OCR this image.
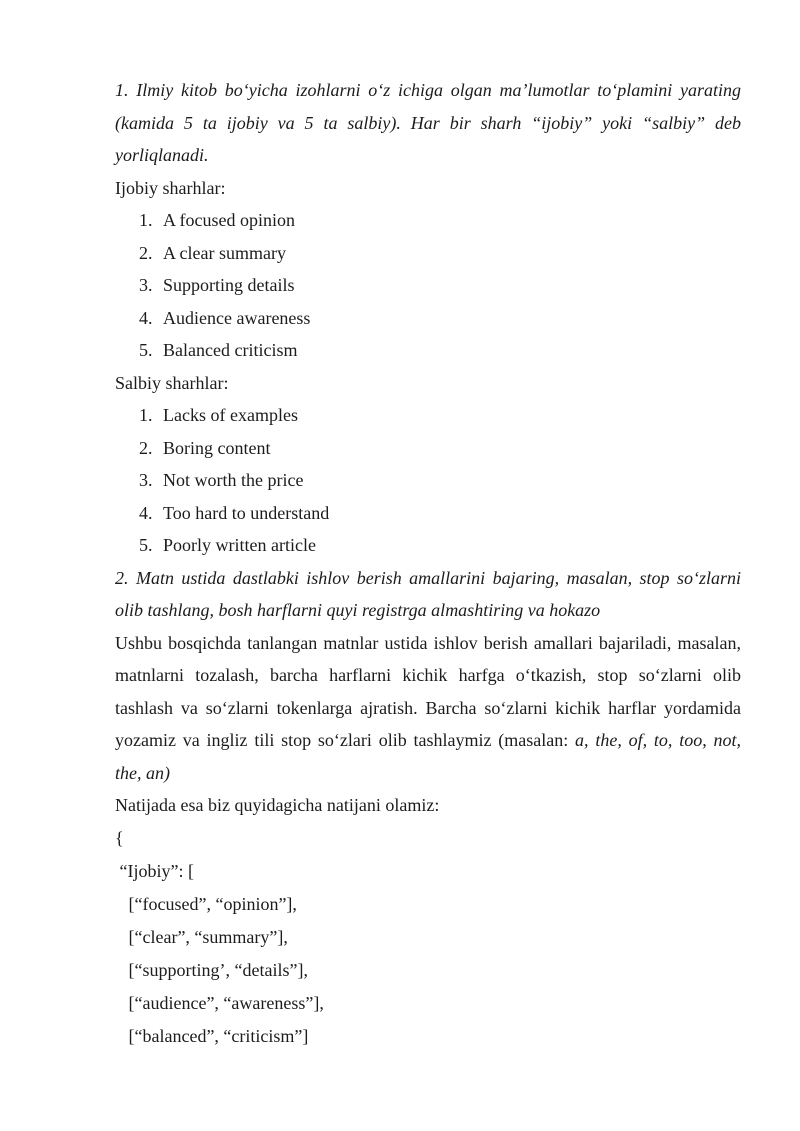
1. Ilmiy kitob bo‘yicha izohlarni o‘z ichiga olgan ma’lumotlar to‘plamini yarating

(kamida 5 ta ijobiy va 5 ta salbiy). Har bir sharh “ijobiy” yoki “salbiy” deb

yorliqlanadi.

Ijobiy sharhlar:

1. A focused opinion
2. A clear summary
3. Supporting details
4. Audience awareness
5. Balanced criticism

Salbiy sharhlar:

1. Lacks of examples
2. Boring content
3. Not worth the price
4. Too hard to understand
5. Poorly written article

2. Matn ustida dastlabki ishlov berish amallarini bajaring, masalan, stop so‘zlarni

olib tashlang, bosh harflarni quyi registrga almashtiring va hokazo

Ushbu bosqichda tanlangan matnlar ustida ishlov berish amallari bajariladi, masalan,

matnlarni tozalash, barcha harflarni kichik harfga o‘tkazish, stop so‘zlarni olib

tashlash va so‘zlarni tokenlarga ajratish. Barcha so‘zlarni kichik harflar yordamida

yozamiz va ingliz tili stop so‘zlari olib tashlaymiz (masalan: a, the, of, to, too, not,

the, an)

Natijada esa biz quyidagicha natijani olamiz:

{
“Ijobiy”: [
[“focused”, “opinion”],
[“clear”, “summary”],
[“supporting’, “details”],
[“audience”, “awareness”],
[“balanced”, “criticism”]
